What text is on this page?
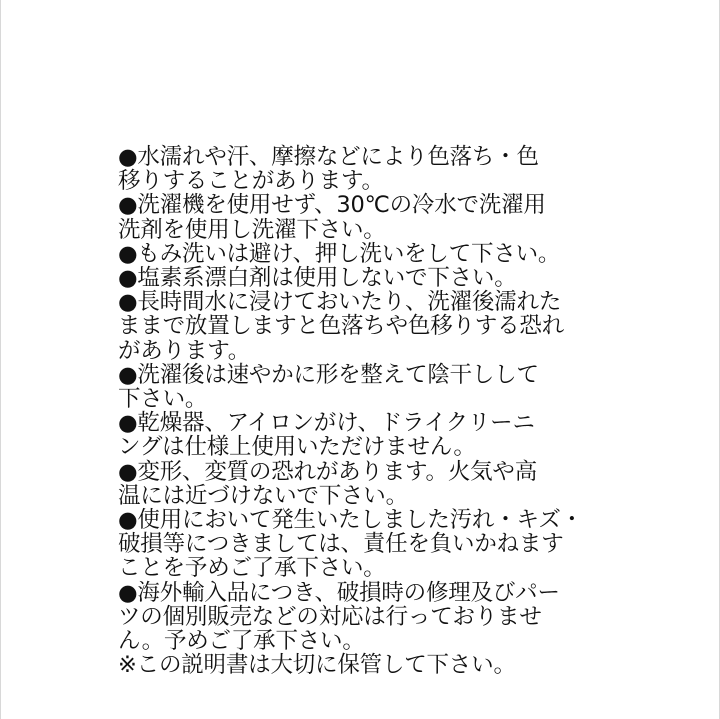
●水濡れや汗、摩擦などにより色落ち・色
移りすることがあります。
●洗濯機を使用せず、30℃の冷水で洗濯用
洗剤を使用し洗濯下さい。
●もみ洗いは避け、押し洗いをして下さい。
●塩素系漂白剤は使用しないで下さい。
●長時間水に浸けておいたり、洗濯後濡れた
ままで放置しますと色落ちや色移りする恐れ
があります。
●洗濯後は速やかに形を整えて陰干しして
下さい。
●乾燥器、アイロンがけ、ドライクリーニ
ングは仕様上使用いただけません。
●変形、変質の恐れがあります。火気や高
温には近づけないで下さい。
●使用において発生いたしました汚れ・キズ・
破損等につきましては、責任を負いかねます
ことを予めご了承下さい。
●海外輸入品につき、破損時の修理及びパー
ツの個別販売などの対応は行っておりませ
ん。予めご了承下さい。
※この説明書は大切に保管して下さい。
